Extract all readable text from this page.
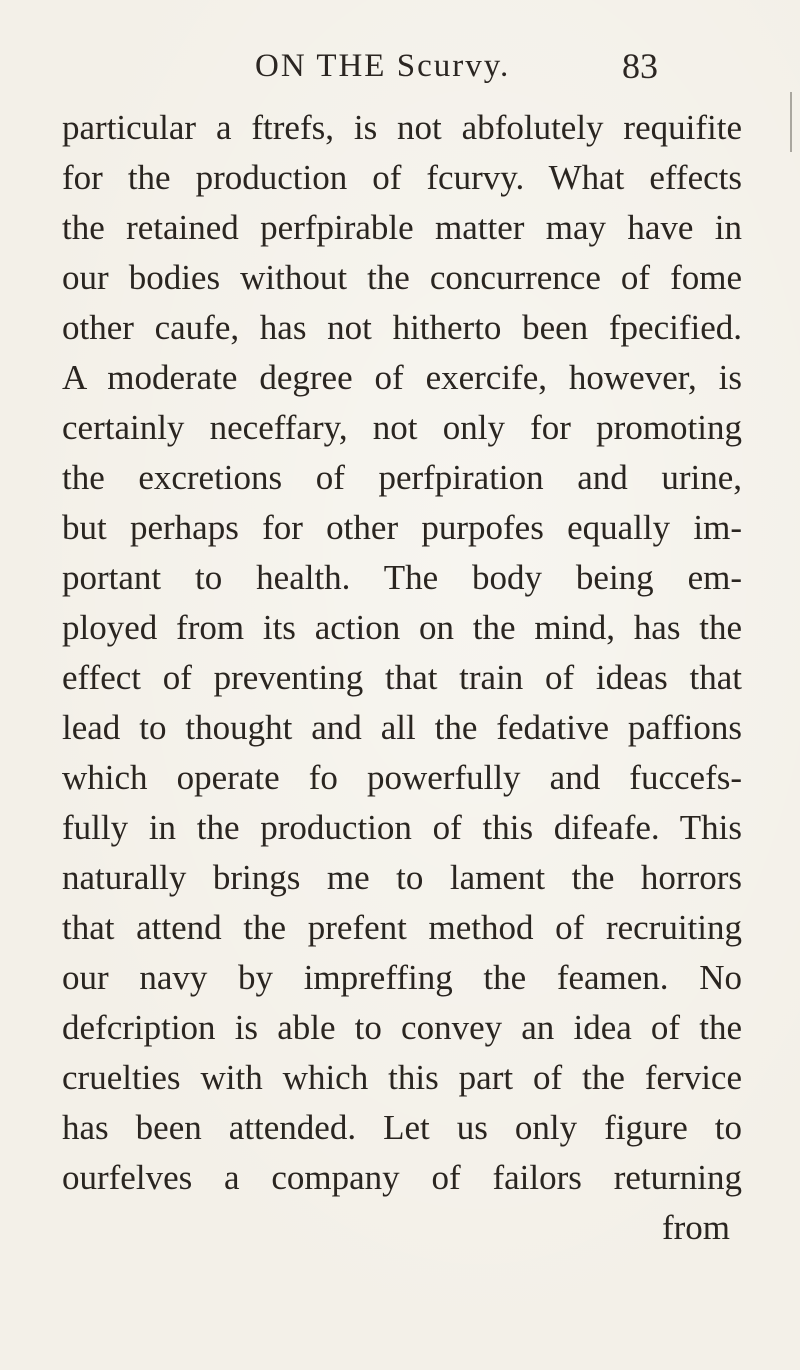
ON THE Scurvy.	83
particular a ftrefs, is not abfolutely requifite
for the production of fcurvy. What effects
the retained perfpirable matter may have in
our bodies without the concurrence of fome
other caufe, has not hitherto been fpecified.
A moderate degree of exercife, however, is
certainly neceffary, not only for promoting
the excretions of perfpiration and urine,
but perhaps for other purpofes equally im-
portant to health. The body being em-
ployed from its action on the mind, has the
effect of preventing that train of ideas that
lead to thought and all the fedative paffions
which operate fo powerfully and fuccefs-
fully in the production of this difeafe. This
naturally brings me to lament the horrors
that attend the prefent method of recruiting
our navy by impreffing the feamen. No
defcription is able to convey an idea of the
cruelties with which this part of the fervice
has been attended. Let us only figure to
ourfelves a company of failors returning
from
